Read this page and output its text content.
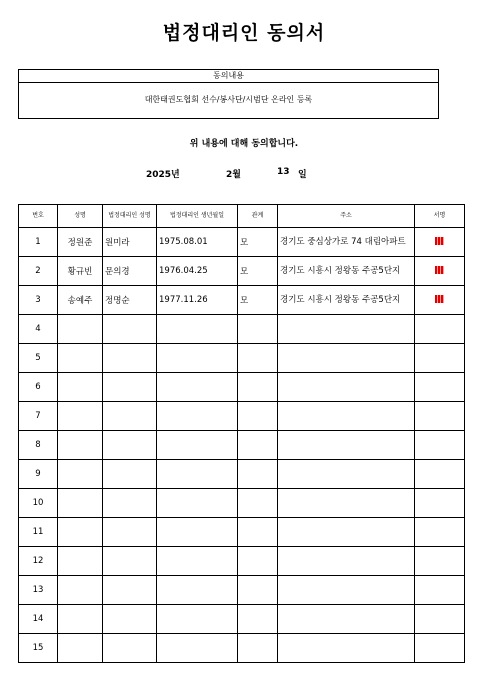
법정대리인 동의서
동의내용
대한태권도협회 선수/봉사단/시범단 온라인 등록
위 내용에 대해 동의합니다.
2025년	2월	13 일
번호	성명	법정대리인 성명	법정대리인 생년월일	관계	주소	서명
1	정원준	원미라	1975.08.01	모	경기도 중심상가로 74 대림아파트	
2	황규빈	문의경	1976.04.25	모	경기도 시흥시 정왕동 주공5단지	
3	송예주	정명순	1977.11.26	모	경기도 시흥시 정왕동 주공5단지	
4						
5						
6						
7						
8						
9						
10						
11						
12						
13						
14						
15						
